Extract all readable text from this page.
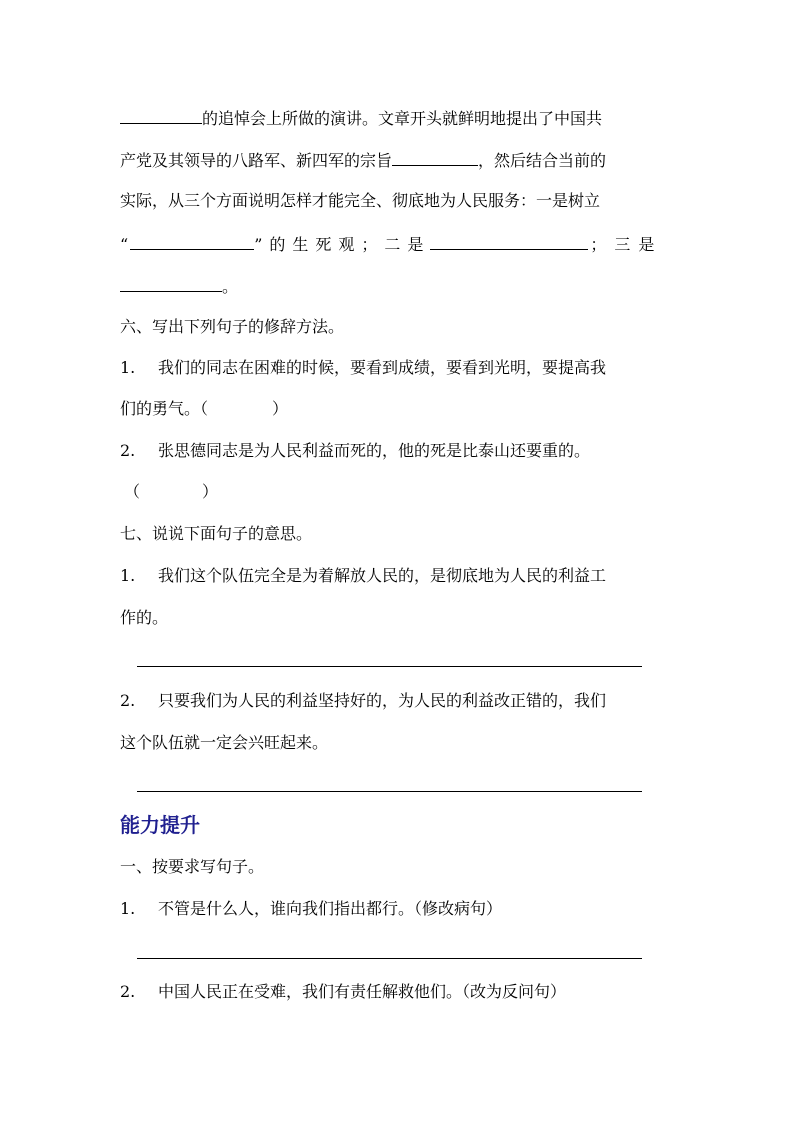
的追悼会上所做的演讲。文章开头就鲜明地提出了中国共
产党及其领导的八路军、新四军的宗旨	，然后结合当前的
实际，从三个方面说明怎样才能完全、彻底地为人民服务：一是树立
“	”的生死观；二是	；三是
。
六、写出下列句子的修辞方法。
1. 我们的同志在困难的时候，要看到成绩，要看到光明，要提高我
们的勇气。（	）
2. 张思德同志是为人民利益而死的，他的死是比泰山还要重的。
（	）
七、说说下面句子的意思。
1. 我们这个队伍完全是为着解放人民的，是彻底地为人民的利益工
作的。
2. 只要我们为人民的利益坚持好的，为人民的利益改正错的，我们
这个队伍就一定会兴旺起来。
能力提升
一、按要求写句子。
1. 不管是什么人，谁向我们指出都行。（修改病句）
2. 中国人民正在受难，我们有责任解救他们。（改为反问句）
